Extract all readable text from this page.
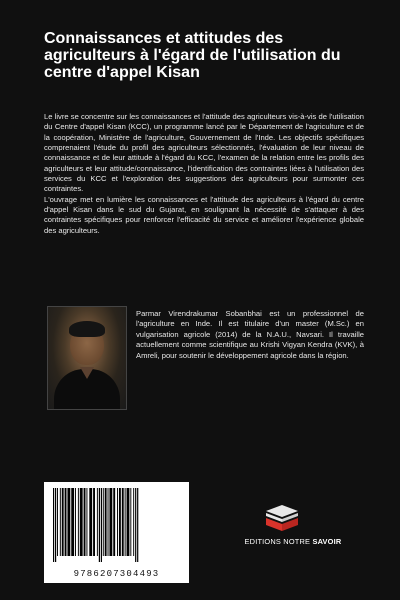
Connaissances et attitudes des agriculteurs à l'égard de l'utilisation du centre d'appel Kisan

Le livre se concentre sur les connaissances et l'attitude des agriculteurs vis-à-vis de l'utilisation du Centre d'appel Kisan (KCC), un programme lancé par le Département de l'agriculture et de la coopération, Ministère de l'agriculture, Gouvernement de l'Inde. Les objectifs spécifiques comprenaient l'étude du profil des agriculteurs sélectionnés, l'évaluation de leur niveau de connaissance et de leur attitude à l'égard du KCC, l'examen de la relation entre les profils des agriculteurs et leur attitude/connaissance, l'identification des contraintes liées à l'utilisation des services du KCC et l'exploration des suggestions des agriculteurs pour surmonter ces contraintes.

L'ouvrage met en lumière les connaissances et l'attitude des agriculteurs à l'égard du centre d'appel Kisan dans le sud du Gujarat, en soulignant la nécessité de s'attaquer à des contraintes spécifiques pour renforcer l'efficacité du service et améliorer l'expérience globale des agriculteurs.

Parmar Virendrakumar Sobanbhai est un professionnel de l'agriculture en Inde. Il est titulaire d'un master (M.Sc.) en vulgarisation agricole (2014) de la N.A.U., Navsari. Il travaille actuellement comme scientifique au Krishi Vigyan Kendra (KVK), à Amreli, pour soutenir le développement agricole dans la région.

9786207304493
EDITIONS NOTRE SAVOIR
